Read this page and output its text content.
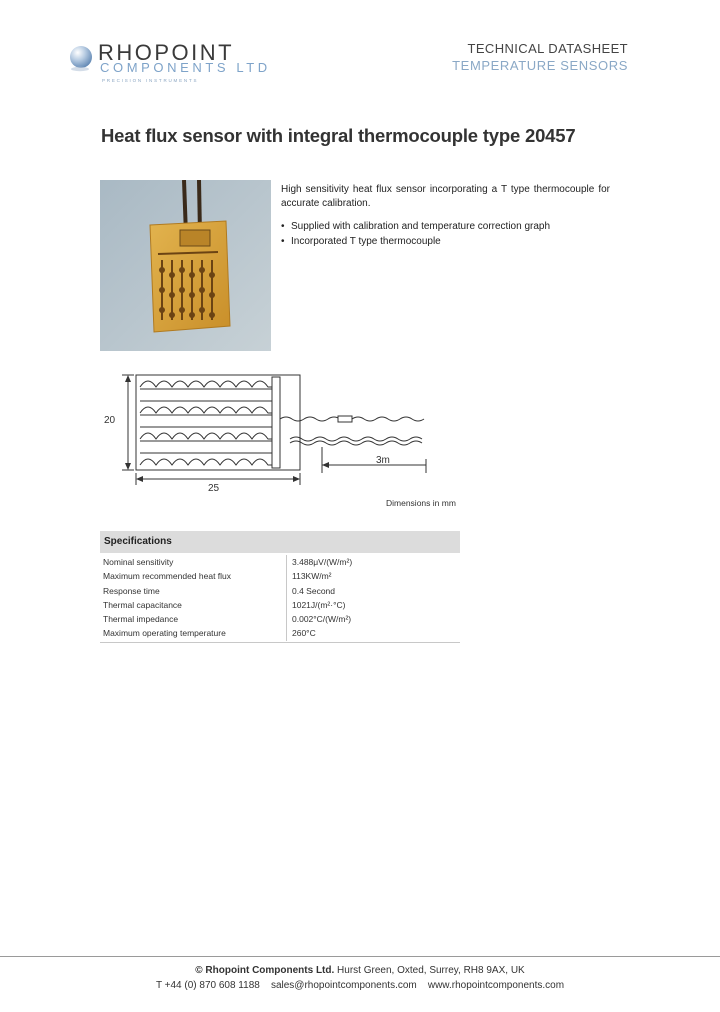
RHOPOINT
COMPONENTS LTD
PRECISION INSTRUMENTS
TECHNICAL DATASHEET
TEMPERATURE SENSORS
Heat flux sensor with integral thermocouple type 20457
High sensitivity heat flux sensor incorporating a T type thermocouple for accurate calibration.
• Supplied with calibration and temperature correction graph
• Incorporated T type thermocouple
20
25
3m
Dimensions in mm
Specifications
Nominal sensitivity	3.488μV/(W/m²)
Maximum recommended heat flux	113KW/m²
Response time	0.4 Second
Thermal capacitance	1021J/(m²·°C)
Thermal impedance	0.002°C/(W/m²)
Maximum operating temperature	260°C
© Rhopoint Components Ltd. Hurst Green, Oxted, Surrey, RH8 9AX, UK
T +44 (0) 870 608 1188 sales@rhopointcomponents.com www.rhopointcomponents.com
